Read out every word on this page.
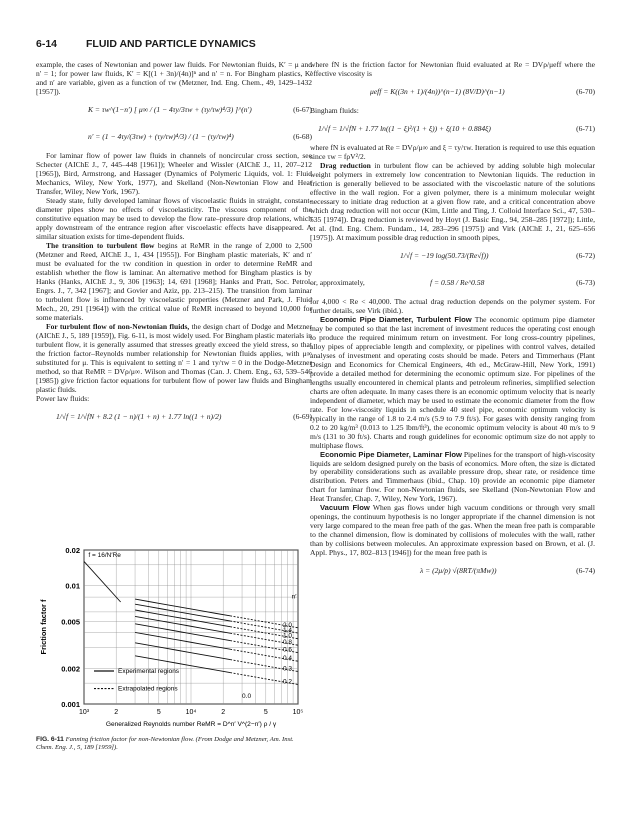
6-14	FLUID AND PARTICLE DYNAMICS

example, the cases of Newtonian and power law fluids. For Newtonian fluids, K′ = μ and n′ = 1; for power law fluids, K′ = K[(1 + 3n)/(4n)]ⁿ and n′ = n. For Bingham plastics, K′ and n′ are variable, given as a function of τw (Metzner, Ind. Eng. Chem., 49, 1429–1432 [1957]).

K = τw^(1−n′) [ μ∞ / (1 − 4τy/3τw + (τy/τw)⁴/3) ]^(n′)	(6-67)
n′ = (1 − 4τy/(3τw) + (τy/τw)⁴/3) / (1 − (τy/τw)⁴)	(6-68)

For laminar flow of power law fluids in channels of noncircular cross section, see Schecter (AIChE J., 7, 445–448 [1961]); Wheeler and Wissler (AIChE J., 11, 207–212 [1965]), Bird, Armstrong, and Hassager (Dynamics of Polymeric Liquids, vol. 1: Fluid Mechanics, Wiley, New York, 1977), and Skelland (Non-Newtonian Flow and Heat Transfer, Wiley, New York, 1967).

Steady state, fully developed laminar flows of viscoelastic fluids in straight, constant-diameter pipes show no effects of viscoelasticity. The viscous component of the constitutive equation may be used to develop the flow rate–pressure drop relations, which apply downstream of the entrance region after viscoelastic effects have disappeared. A similar situation exists for time-dependent fluids.

The transition to turbulent flow begins at ReMR in the range of 2,000 to 2,500 (Metzner and Reed, AIChE J., 1, 434 [1955]). For Bingham plastic materials, K′ and n′ must be evaluated for the τw condition in question in order to determine ReMR and establish whether the flow is laminar. An alternative method for Bingham plastics is by Hanks (Hanks, AIChE J., 9, 306 [1963]; 14, 691 [1968]; Hanks and Pratt, Soc. Petrol. Engrs. J., 7, 342 [1967]; and Govier and Aziz, pp. 213–215). The transition from laminar to turbulent flow is influenced by viscoelastic properties (Metzner and Park, J. Fluid Mech., 20, 291 [1964]) with the critical value of ReMR increased to beyond 10,000 for some materials.

For turbulent flow of non-Newtonian fluids, the design chart of Dodge and Metzner (AIChE J., 5, 189 [1959]), Fig. 6-11, is most widely used. For Bingham plastic materials in turbulent flow, it is generally assumed that stresses greatly exceed the yield stress, so that the friction factor–Reynolds number relationship for Newtonian fluids applies, with μ∞ substituted for μ. This is equivalent to setting n′ = 1 and τy/τw = 0 in the Dodge-Metzner method, so that ReMR = DVρ/μ∞. Wilson and Thomas (Can. J. Chem. Eng., 63, 539–546 [1985]) give friction factor equations for turbulent flow of power law fluids and Bingham plastic fluids.

Power law fluids:

1/√f = 1/√fN + 8.2 (1 − n)/(1 + n) + 1.77 ln((1 + n)/2)	(6-69)
10³	2	5	10⁴	2	5	10⁵
0.02
0.01
0.005
0.002
0.001
Friction factor f
Generalized Reynolds number ReMR = D^n′ V^(2−n′) ρ / γ
f = 16/N′Re
2.0
1.4
1.0
0.8
0.6
0.4
0.3
0.2
n′
0.0
Experimental regions
Extrapolated regions
FIG. 6-11 Fanning friction factor for non-Newtonian flow. (From Dodge and Metzner, Am. Inst. Chem. Eng. J., 5, 189 [1959]).

where fN is the friction factor for Newtonian fluid evaluated at Re = DVρ/μeff where the effective viscosity is

μeff = K((3n + 1)/(4n))^(n−1) (8V/D)^(n−1)	(6-70)

Bingham fluids:

1/√f = 1/√fN + 1.77 ln((1 − ξ)²/(1 + ξ)) + ξ(10 + 0.884ξ)	(6-71)

where fN is evaluated at Re = DVρ/μ∞ and ξ = τy/τw. Iteration is required to use this equation since τw = fρV²/2.

Drag reduction in turbulent flow can be achieved by adding soluble high molecular weight polymers in extremely low concentration to Newtonian liquids. The reduction in friction is generally believed to be associated with the viscoelastic nature of the solutions effective in the wall region. For a given polymer, there is a minimum molecular weight necessary to initiate drag reduction at a given flow rate, and a critical concentration above which drag reduction will not occur (Kim, Little and Ting, J. Colloid Interface Sci., 47, 530–535 [1974]). Drag reduction is reviewed by Hoyt (J. Basic Eng., 94, 258–285 [1972]); Little, et al. (Ind. Eng. Chem. Fundam., 14, 283–296 [1975]) and Virk (AIChE J., 21, 625–656 [1975]). At maximum possible drag reduction in smooth pipes,

1/√f = −19 log(50.73/(Re√f))	(6-72)
or, approximately,	f = 0.58 / Re^0.58	(6-73)

for 4,000 < Re < 40,000. The actual drag reduction depends on the polymer system. For further details, see Virk (ibid.).

Economic Pipe Diameter, Turbulent Flow The economic optimum pipe diameter may be computed so that the last increment of investment reduces the operating cost enough to produce the required minimum return on investment. For long cross-country pipelines, alloy pipes of appreciable length and complexity, or pipelines with control valves, detailed analyses of investment and operating costs should be made. Peters and Timmerhaus (Plant Design and Economics for Chemical Engineers, 4th ed., McGraw-Hill, New York, 1991) provide a detailed method for determining the economic optimum size. For pipelines of the lengths usually encountered in chemical plants and petroleum refineries, simplified selection charts are often adequate. In many cases there is an economic optimum velocity that is nearly independent of diameter, which may be used to estimate the economic diameter from the flow rate. For low-viscosity liquids in schedule 40 steel pipe, economic optimum velocity is typically in the range of 1.8 to 2.4 m/s (5.9 to 7.9 ft/s). For gases with density ranging from 0.2 to 20 kg/m³ (0.013 to 1.25 lbm/ft³), the economic optimum velocity is about 40 m/s to 9 m/s (131 to 30 ft/s). Charts and rough guidelines for economic optimum size do not apply to multiphase flows.

Economic Pipe Diameter, Laminar Flow Pipelines for the transport of high-viscosity liquids are seldom designed purely on the basis of economics. More often, the size is dictated by operability considerations such as available pressure drop, shear rate, or residence time distribution. Peters and Timmerhaus (ibid., Chap. 10) provide an economic pipe diameter chart for laminar flow. For non-Newtonian fluids, see Skelland (Non-Newtonian Flow and Heat Transfer, Chap. 7, Wiley, New York, 1967).

Vacuum Flow When gas flows under high vacuum conditions or through very small openings, the continuum hypothesis is no longer appropriate if the channel dimension is not very large compared to the mean free path of the gas. When the mean free path is comparable to the channel dimension, flow is dominated by collisions of molecules with the wall, rather than by collisions between molecules. An approximate expression based on Brown, et al. (J. Appl. Phys., 17, 802–813 [1946]) for the mean free path is

λ = (2μ/p) √(8RT/(πMw))	(6-74)
